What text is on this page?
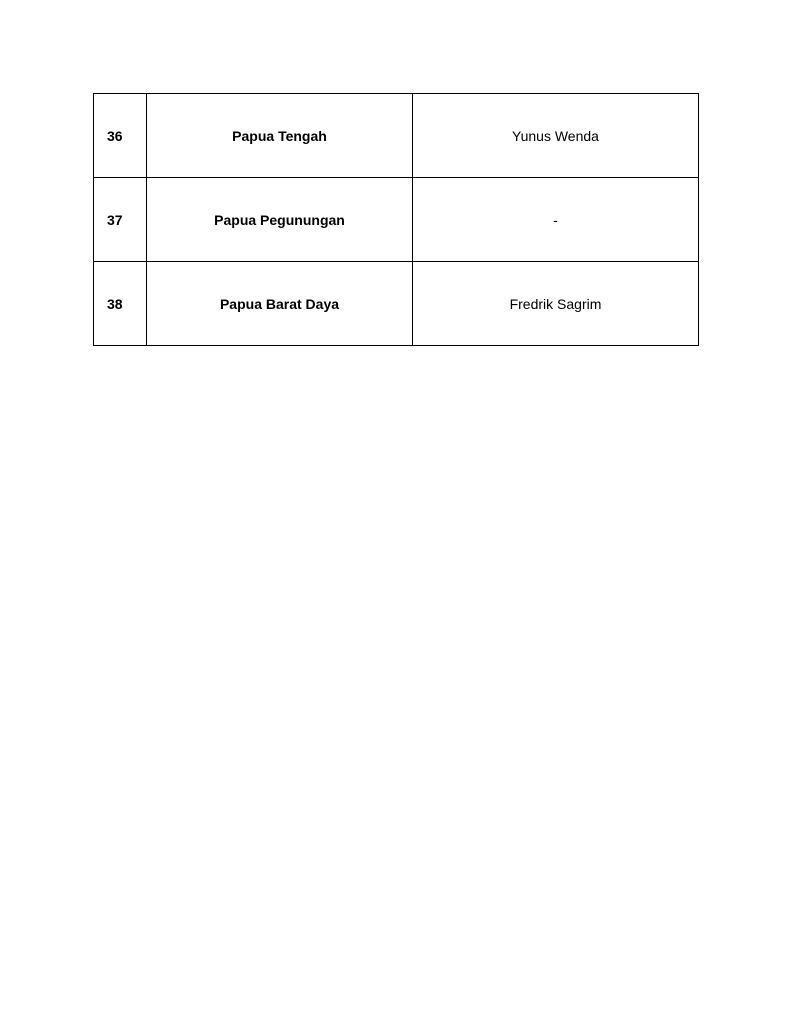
36	Papua Tengah	Yunus Wenda
37	Papua Pegunungan	-
38	Papua Barat Daya	Fredrik Sagrim
